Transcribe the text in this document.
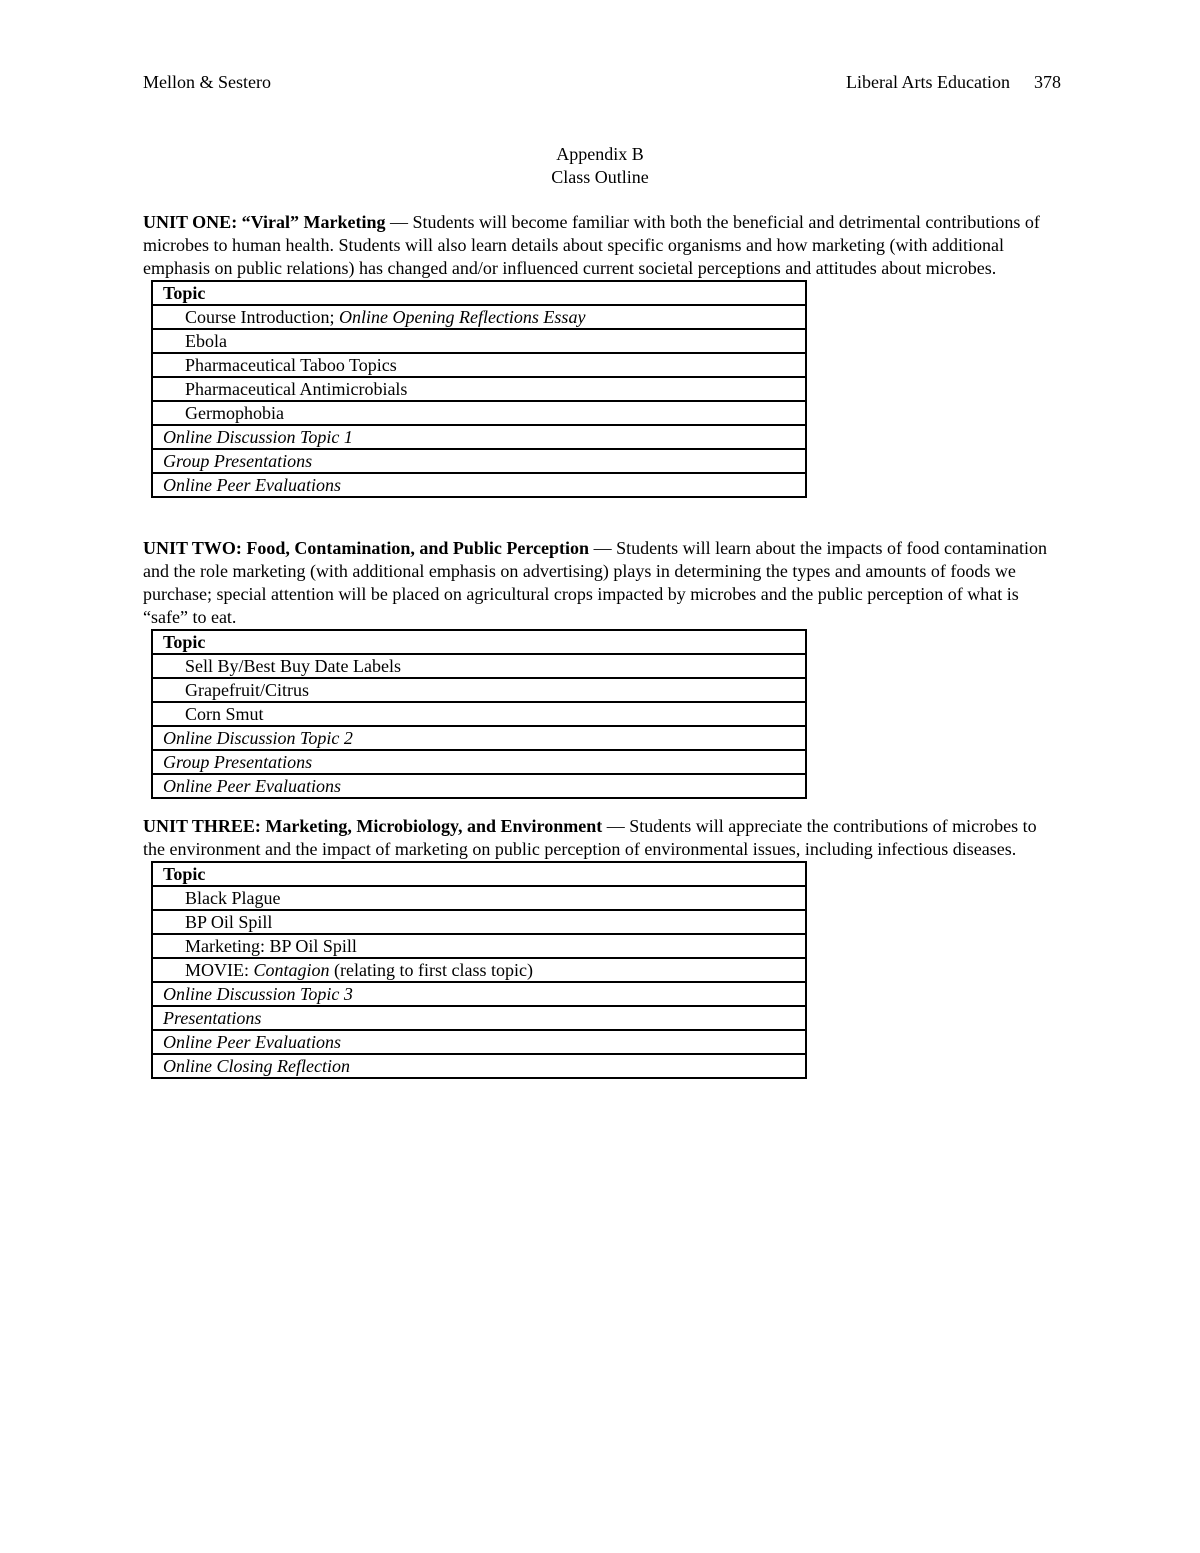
Mellon & Sestero	Liberal Arts Education 378
Appendix B
Class Outline

UNIT ONE: “Viral” Marketing — Students will become familiar with both the beneficial and detrimental contributions of microbes to human health. Students will also learn details about specific organisms and how marketing (with additional emphasis on public relations) has changed and/or influenced current societal perceptions and attitudes about microbes.

Topic
Course Introduction; Online Opening Reflections Essay
Ebola
Pharmaceutical Taboo Topics
Pharmaceutical Antimicrobials
Germophobia
Online Discussion Topic 1
Group Presentations
Online Peer Evaluations

UNIT TWO: Food, Contamination, and Public Perception — Students will learn about the impacts of food contamination and the role marketing (with additional emphasis on advertising) plays in determining the types and amounts of foods we purchase; special attention will be placed on agricultural crops impacted by microbes and the public perception of what is “safe” to eat.

Topic
Sell By/Best Buy Date Labels
Grapefruit/Citrus
Corn Smut
Online Discussion Topic 2
Group Presentations
Online Peer Evaluations

UNIT THREE: Marketing, Microbiology, and Environment — Students will appreciate the contributions of microbes to the environment and the impact of marketing on public perception of environmental issues, including infectious diseases.

Topic
Black Plague
BP Oil Spill
Marketing: BP Oil Spill
MOVIE: Contagion (relating to first class topic)
Online Discussion Topic 3
Presentations
Online Peer Evaluations
Online Closing Reflection
